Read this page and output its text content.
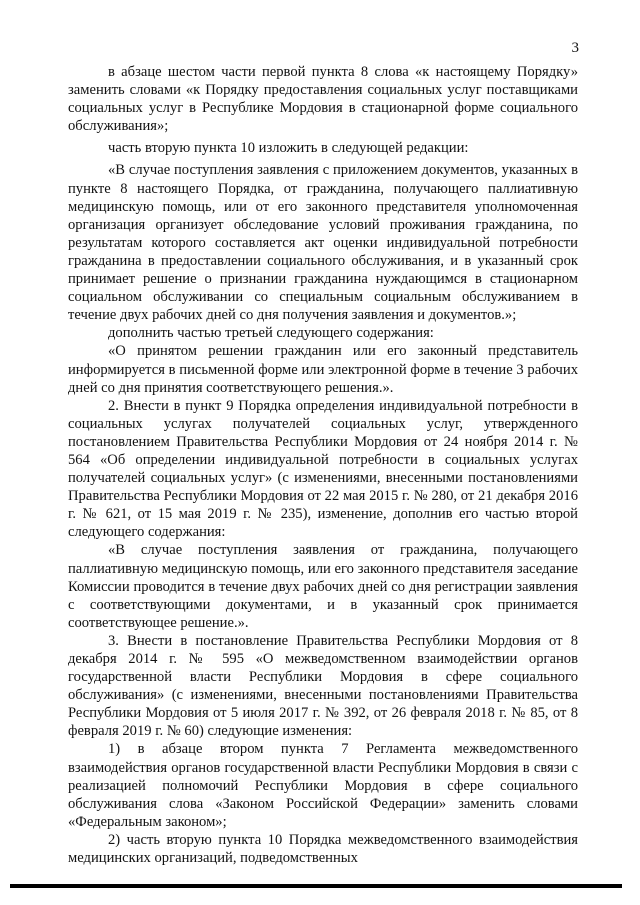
3

в абзаце шестом части первой пункта 8 слова «к настоящему Порядку» заменить словами «к Порядку предоставления социальных услуг поставщиками социальных услуг в Республике Мордовия в стационарной форме социального обслуживания»;

часть вторую пункта 10 изложить в следующей редакции:

«В случае поступления заявления с приложением документов, указанных в пункте 8 настоящего Порядка, от гражданина, получающего паллиативную медицинскую помощь, или от его законного представителя уполномоченная организация организует обследование условий проживания гражданина, по результатам которого составляется акт оценки индивидуальной потребности гражданина в предоставлении социального обслуживания, и в указанный срок принимает решение о признании гражданина нуждающимся в стационарном социальном обслуживании со специальным социальным обслуживанием в течение двух рабочих дней со дня получения заявления и документов.»;

дополнить частью третьей следующего содержания:

«О принятом решении гражданин или его законный представитель информируется в письменной форме или электронной форме в течение 3 рабочих дней со дня принятия соответствующего решения.».

2. Внести в пункт 9 Порядка определения индивидуальной потребности в социальных услугах получателей социальных услуг, утвержденного постановлением Правительства Республики Мордовия от 24 ноября 2014 г. № 564 «Об определении индивидуальной потребности в социальных услугах получателей социальных услуг» (с изменениями, внесенными постановлениями Правительства Республики Мордовия от 22 мая 2015 г. № 280, от 21 декабря 2016 г. № 621, от 15 мая 2019 г. № 235), изменение, дополнив его частью второй следующего содержания:

«В случае поступления заявления от гражданина, получающего паллиативную медицинскую помощь, или его законного представителя заседание Комиссии проводится в течение двух рабочих дней со дня регистрации заявления с соответствующими документами, и в указанный срок принимается соответствующее решение.».

3. Внести в постановление Правительства Республики Мордовия от 8 декабря 2014 г. № 595 «О межведомственном взаимодействии органов государственной власти Республики Мордовия в сфере социального обслуживания» (с изменениями, внесенными постановлениями Правительства Республики Мордовия от 5 июля 2017 г. № 392, от 26 февраля 2018 г. № 85, от 8 февраля 2019 г. № 60) следующие изменения:

1) в абзаце втором пункта 7 Регламента межведомственного взаимодействия органов государственной власти Республики Мордовия в связи с реализацией полномочий Республики Мордовия в сфере социального обслуживания слова «Законом Российской Федерации» заменить словами «Федеральным законом»;

2) часть вторую пункта 10 Порядка межведомственного взаимодействия медицинских организаций, подведомственных
